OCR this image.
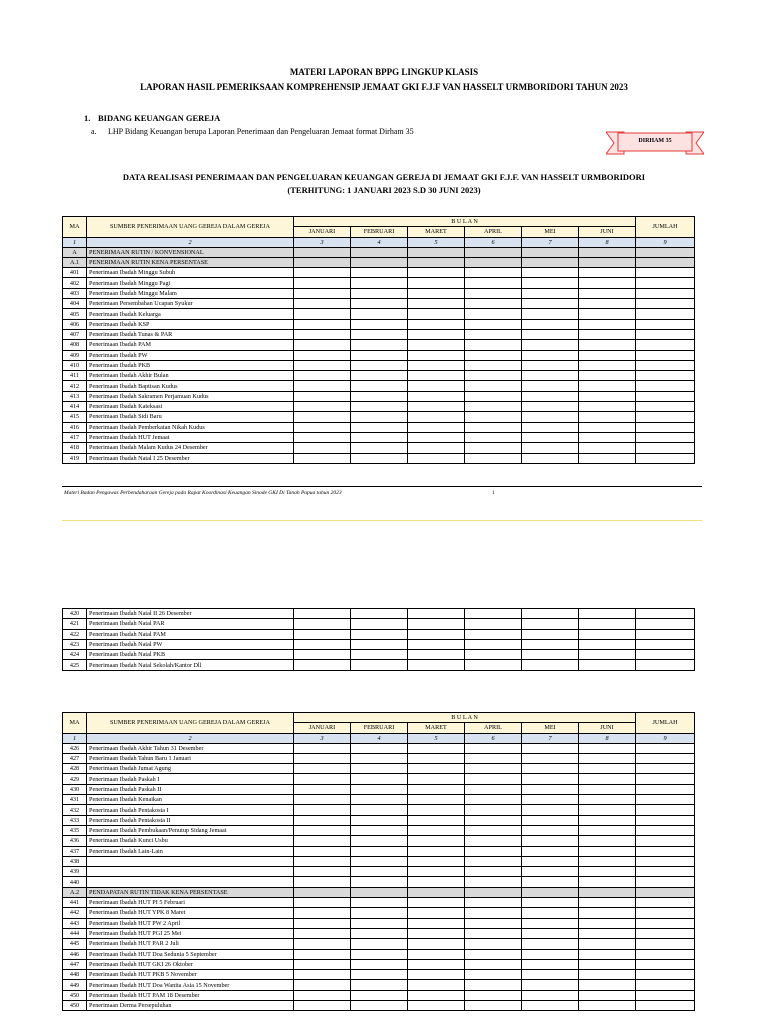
MATERI LAPORAN BPPG LINGKUP KLASIS
LAPORAN HASIL PEMERIKSAAN KOMPREHENSIP JEMAAT GKI F.J.F VAN HASSELT URMBORIDORI TAHUN 2023
1. BIDANG KEUANGAN GEREJA
a. LHP Bidang Keuangan berupa Laporan Penerimaan dan Pengeluaran Jemaat format Dirham 35
DIRHAM 35
DATA REALISASI PENERIMAAN DAN PENGELUARAN KEUANGAN GEREJA DI JEMAAT GKI F.J.F. VAN HASSELT URMBORIDORI
(TERHITUNG: 1 JANUARI 2023 S.D 30 JUNI 2023)
MA	SUMBER PENERIMAAN UANG GEREJA DALAM GEREJA	B U L A N						JUMLAH
		JANUARI	FEBRUARI	MARET	APRIL	MEI	JUNI	
1	2	3	4	5	6	7	8	9
A	PENERIMAAN RUTIN / KONVENSIONAL							
A.1	PENERIMAAN RUTIN KENA PERSENTASE							
401	Penerimaan Ibadah Minggu Subuh							
402	Penerimaan Ibadah Minggu Pagi							
403	Penerimaan Ibadah Minggu Malam							
404	Penerimaan Persembahan Ucapan Syukur							
405	Penerimaan Ibadah Keluarga							
406	Penerimaan Ibadah KSP							
407	Penerimaan Ibadah Tunas & PAR							
408	Penerimaan Ibadah PAM							
409	Penerimaan Ibadah PW							
410	Penerimaan Ibadah PKB							
411	Penerimaan Ibadah Akhir Bulan							
412	Penerimaan Ibadah Baptisan Kudus							
413	Penerimaan Ibadah Sakramen Perjamuan Kudus							
414	Penerimaan Ibadah Kateksasi							
415	Penerimaan Ibadah Sidi Baru							
416	Penerimaan Ibadah Pemberkatan Nikah Kudus							
417	Penerimaan Ibadah HUT Jemaat							
418	Penerimaan Ibadah Malam Kudus 24 Desember							
419	Penerimaan Ibadah Natal I 25 Desember							
Materi Badan Pengawas Perbendaharaan Gereja pada Rapat Koordinasi Keuangan Sinode GKI Di Tanah Papua tahun 2023	1
420	Penerimaan Ibadah Natal II 26 Desember							
421	Penerimaan Ibadah Natal PAR							
422	Penerimaan Ibadah Natal PAM							
423	Penerimaan Ibadah Natal PW							
424	Penerimaan Ibadah Natal PKB							
425	Penerimaan Ibadah Natal Sekolah/Kantor Dll							
MA	SUMBER PENERIMAAN UANG GEREJA DALAM GEREJA	B U L A N						JUMLAH
		JANUARI	FEBRUARI	MARET	APRIL	MEI	JUNI	
1	2	3	4	5	6	7	8	9
426	Penerimaan Ibadah Akhir Tahun 31 Desember							
427	Penerimaan Ibadah Tahun Baru 1 Januari							
428	Penerimaan Ibadah Jumat Agung							
429	Penerimaan Ibadah Paskah I							
430	Penerimaan Ibadah Paskah II							
431	Penerimaan Ibadah Kenaikan							
432	Penerimaan Ibadah Pentakosta I							
433	Penerimaan Ibadah Pentakosta II							
435	Penerimaan Ibadah Pembukaan/Penutup Sidang Jemaat							
436	Penerimaan Ibadah Kunci Usbu							
437	Penerimaan Ibadah Lain-Lain							
438								
439								
440								
A.2	PENDAPATAN RUTIN TIDAK KENA PERSENTASE							
441	Penerimaan Ibadah HUT PI 5 Februari							
442	Penerimaan Ibadah HUT YPK 8 Maret							
443	Penerimaan Ibadah HUT PW 2 April							
444	Penerimaan Ibadah HUT PGI 25 Mei							
445	Penerimaan Ibadah HUT PAR 2 Juli							
446	Penerimaan Ibadah HUT Doa Sedunia 5 September							
447	Penerimaan Ibadah HUT GKI 26 Oktober							
448	Penerimaan Ibadah HUT PKB 5 November							
449	Penerimaan Ibadah HUT Doa Wanita Asia 15 November							
450	Penerimaan Ibadah HUT PAM 18 Desember							
450	Penerimaan Derma Persepuluhan							
